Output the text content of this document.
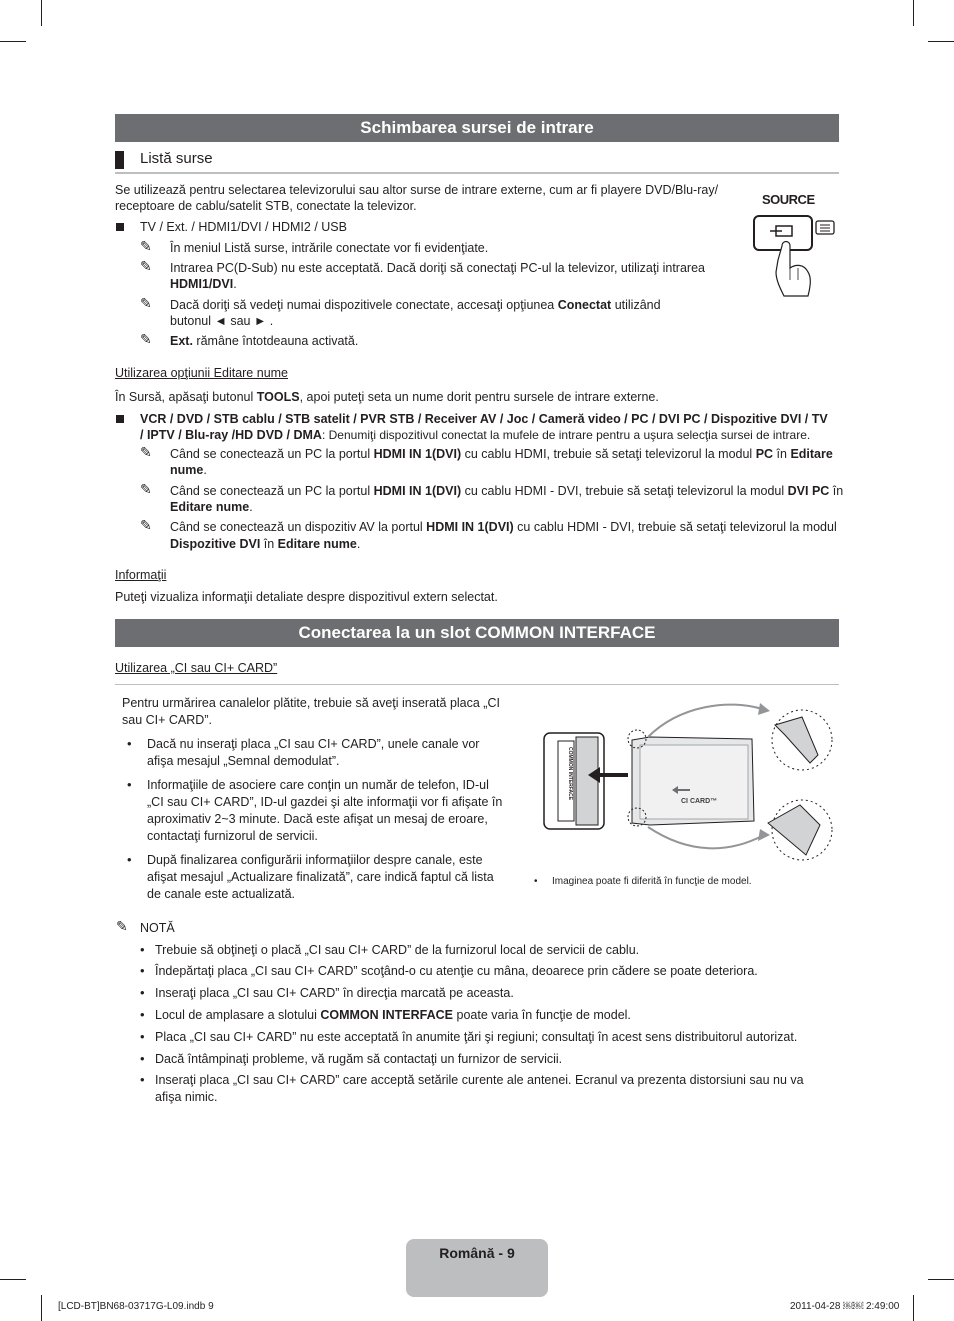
Schimbarea sursei de intrare
Listă surse
Se utilizează pentru selectarea televizorului sau altor surse de intrare externe, cum ar fi playere DVD/Blu-ray/
receptoare de cablu/satelit STB, conectate la televizor.
TV / Ext. / HDMI1/DVI / HDMI2 / USB
✎ În meniul Listă surse, intrările conectate vor fi evidenţiate.
✎ Intrarea PC(D-Sub) nu este acceptată. Dacă doriţi să conectaţi PC-ul la televizor, utilizaţi intrarea
HDMI1/DVI.
✎ Dacă doriţi să vedeţi numai dispozitivele conectate, accesaţi opţiunea Conectat utilizând
butonul ◄ sau ► .
✎ Ext. rămâne întotdeauna activată.
SOURCE
Utilizarea opţiunii Editare nume
În Sursă, apăsaţi butonul TOOLS, apoi puteţi seta un nume dorit pentru sursele de intrare externe.
VCR / DVD / STB cablu / STB satelit / PVR STB / Receiver AV / Joc / Cameră video / PC / DVI PC / Dispozitive DVI / TV
/ IPTV / Blu-ray /HD DVD / DMA: Denumiţi dispozitivul conectat la mufele de intrare pentru a uşura selecţia sursei de intrare.
✎ Când se conectează un PC la portul HDMI IN 1(DVI) cu cablu HDMI, trebuie să setaţi televizorul la modul PC în Editare
nume.
✎ Când se conectează un PC la portul HDMI IN 1(DVI) cu cablu HDMI - DVI, trebuie să setaţi televizorul la modul DVI PC în
Editare nume.
✎ Când se conectează un dispozitiv AV la portul HDMI IN 1(DVI) cu cablu HDMI - DVI, trebuie să setaţi televizorul la modul
Dispozitive DVI în Editare nume.
Informaţii
Puteţi vizualiza informaţii detaliate despre dispozitivul extern selectat.
Conectarea la un slot COMMON INTERFACE
Utilizarea „CI sau CI+ CARD”
Pentru urmărirea canalelor plătite, trebuie să aveţi inserată placa „CI
sau CI+ CARD”.
• Dacă nu inseraţi placa „CI sau CI+ CARD”, unele canale vor
afişa mesajul „Semnal demodulat”.
• Informaţiile de asociere care conţin un număr de telefon, ID-ul
„CI sau CI+ CARD”, ID-ul gazdei şi alte informaţii vor fi afişate în
aproximativ 2~3 minute. Dacă este afişat un mesaj de eroare,
contactaţi furnizorul de servicii.
• După finalizarea configurării informaţiilor despre canale, este
afişat mesajul „Actualizare finalizată”, care indică faptul că lista
de canale este actualizată.
COMMON INTERFACE
CI CARD™
• Imaginea poate fi diferită în funcţie de model.
✎ NOTĂ
• Trebuie să obţineţi o placă „CI sau CI+ CARD” de la furnizorul local de servicii de cablu.
• Îndepărtaţi placa „CI sau CI+ CARD” scoţând-o cu atenţie cu mâna, deoarece prin cădere se poate deteriora.
• Inseraţi placa „CI sau CI+ CARD” în direcţia marcată pe aceasta.
• Locul de amplasare a slotului COMMON INTERFACE poate varia în funcţie de model.
• Placa „CI sau CI+ CARD” nu este acceptată în anumite ţări şi regiuni; consultaţi în acest sens distribuitorul autorizat.
• Dacă întâmpinaţi probleme, vă rugăm să contactaţi un furnizor de servicii.
• Inseraţi placa „CI sau CI+ CARD” care acceptă setările curente ale antenei. Ecranul va prezenta distorsiuni sau nu va
afişa nimic.
Română - 9
[LCD-BT]BN68-03717G-L09.indb 9	2011-04-28 ￼￼ 2:49:00
